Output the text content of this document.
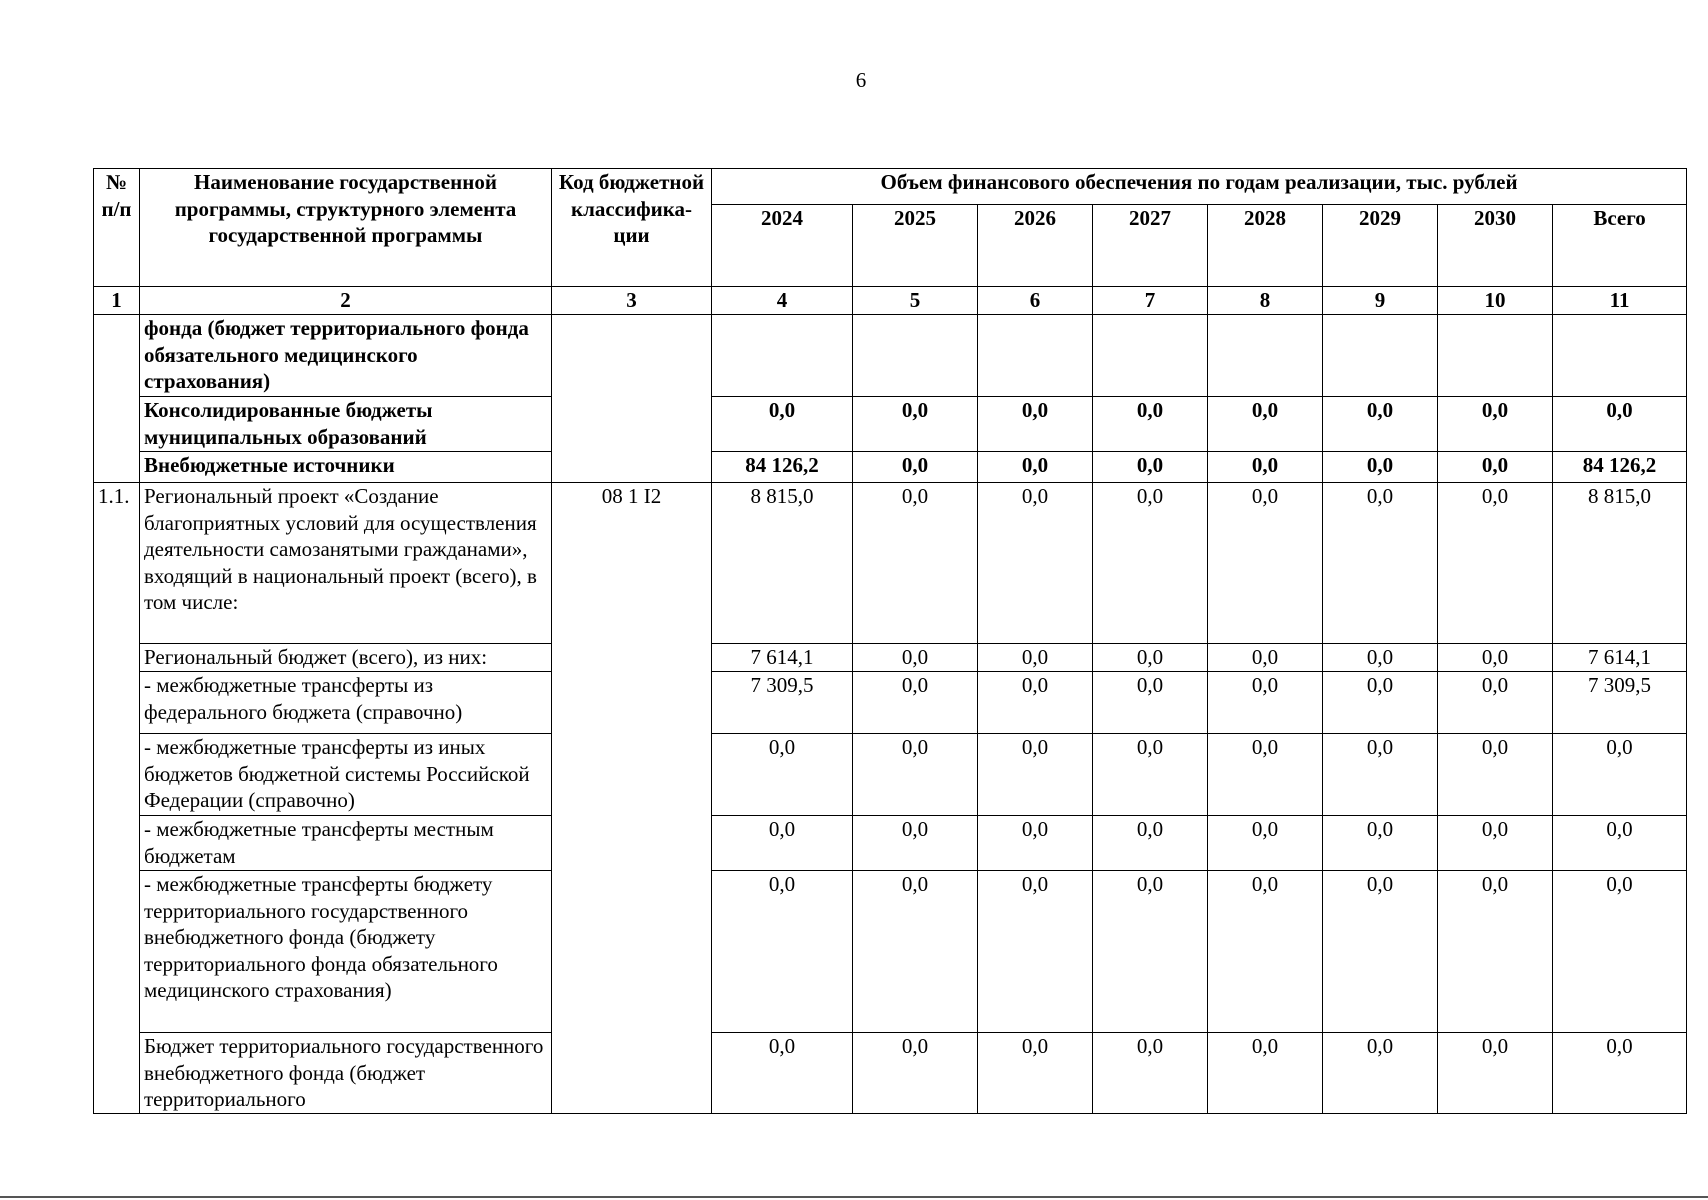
6
№ п/п	Наименование государственной программы, структурного элемента государственной программы	Код бюджетной классифика-ции	Объем финансового обеспечения по годам реализации, тыс. рублей							
			2024	2025	2026	2027	2028	2029	2030	Всего
1	2	3	4	5	6	7	8	9	10	11
	фонда (бюджет территориального фонда обязательного медицинского страхования)									
	Консолидированные бюджеты муниципальных образований		0,0	0,0	0,0	0,0	0,0	0,0	0,0	0,0
	Внебюджетные источники		84 126,2	0,0	0,0	0,0	0,0	0,0	0,0	84 126,2
1.1.	Региональный проект «Создание благоприятных условий для осуществления деятельности самозанятыми гражданами», входящий в национальный проект (всего), в том числе:	08 1 I2	8 815,0	0,0	0,0	0,0	0,0	0,0	0,0	8 815,0
	Региональный бюджет (всего), из них:		7 614,1	0,0	0,0	0,0	0,0	0,0	0,0	7 614,1
	- межбюджетные трансферты из федерального бюджета (справочно)		7 309,5	0,0	0,0	0,0	0,0	0,0	0,0	7 309,5
	- межбюджетные трансферты из иных бюджетов бюджетной системы Российской Федерации (справочно)		0,0	0,0	0,0	0,0	0,0	0,0	0,0	0,0
	- межбюджетные трансферты местным бюджетам		0,0	0,0	0,0	0,0	0,0	0,0	0,0	0,0
	- межбюджетные трансферты бюджету территориального государственного внебюджетного фонда (бюджету территориального фонда обязательного медицинского страхования)		0,0	0,0	0,0	0,0	0,0	0,0	0,0	0,0
	Бюджет территориального государственного внебюджетного фонда (бюджет территориального		0,0	0,0	0,0	0,0	0,0	0,0	0,0	0,0
